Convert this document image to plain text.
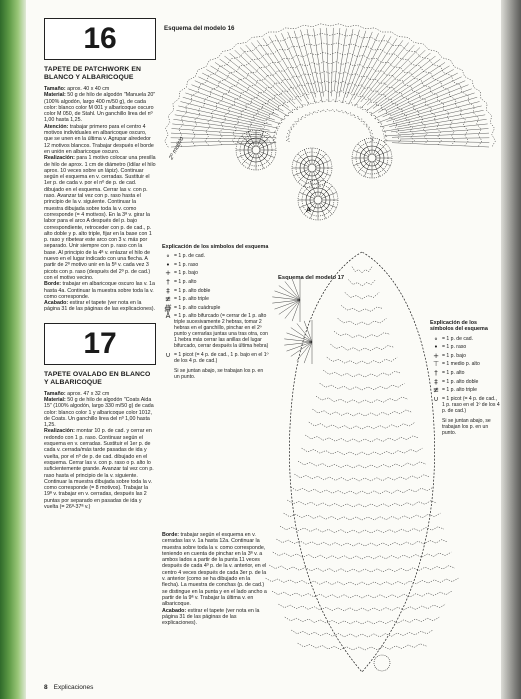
16
TAPETE DE PATCHWORK EN BLANCO Y ALBARICOQUE

Tamaño: aprox. 40 x 40 cm

Material: 50 g de hilo de algodón "Manuela 20" (100% algodón, largo 400 m/50 g), de cada color: blanco color M 001 y albaricoque oscuro color M 050, de Stahl. Un ganchillo lirea del nº 1,00 hasta 1,25.

Atención: trabajar primero para el centro 4 motivos individuales en albaricoque oscuro, que se unen en la última v. Agrupar alrededor 12 motivos blancos. Trabajar después el borde en unión en albaricoque oscuro.

Realización: para 1 motivo colocar una presilla de hilo de aprox. 1 cm de diámetro (ídilar el hilo aprox. 10 veces sobre un lápiz). Continuar según el esquema en v. cerradas. Sustituir el 1er p. de cada v. por el nº de p. de cad. dibujado en el esquema. Cerrar las v. con p. raso. Avanzar tal vez con p. raso hasta el principio de la v. siguiente. Continuar la muestra dibujada sobre toda la v. como corresponde (= 4 motivos). En la 3ª v. girar la labor para el arco A después del p. bajo correspondiente, retroceder con p. de cad., p. alto doble y p. alto triple, fijar en la base con 1 p. raso y ribetear este arco con 3 v. más por separado. Unir siempre con p. raso con la base. Al principio de la 4ª v. enlazar el hilo de nuevo en el lugar indicado con una flecha. A partir de 2º motivo unir en la 5ª v. cada vez 3 picots con p. raso (después del 2º p. de cad.) con el motivo vecino.

Borde: trabajar en albaricoque oscuro las v. 1a hasta 4a. Continuar la muestra sobre toda la v. como corresponde.

Acabado: estirar el tapete (ver nota en la página 31 de las páginas de las explicaciones).

17
TAPETE OVALADO EN BLANCO Y ALBARICOQUE

Tamaño: aprox. 47 x 32 cm

Material: 50 g de hilo de algodón "Coats Aida 15" (100% algodón, largo 330 m/50 g) de cada color: blanco color 1 y albaricoque color 1012, de Coats. Un ganchillo lirea del nº 1,00 hasta 1,25.

Realización: montar 10 p. de cad. y cerrar en redondo con 1 p. raso. Continuar según el esquema en v. cerradas. Sustituir el 1er p. de cada v. cerrada/más tarde pasadas de ida y vuelta, por el nº de p. de cad. dibujado en el esquema. Cerrar las v. con p. raso o p. alto lo suficientemente grande. Avanzar tal vez con p. raso hasta el principio de la v. siguiente. Continuar la muestra dibujada sobre toda la v. como corresponde (= 8 motivos). Trabajar la 19ª v. trabajar en v. cerradas, después las 2 puntas por separado en pasadas de ida y vuelta (= 26ª-37ª v.)

Esquema del modelo 16
Esquema del modelo 17
2º motivo
A
Explicación de los símbolos del esquema
∘ = 1 p. de cad.
• = 1 p. raso
+ = 1 p. bajo
† = 1 p. alto
‡ = 1 p. alto doble
≢ = 1 p. alto triple
∰ = 1 p. alto cuádruple
Å = 1 p. alto bifurcado (= cerrar de 1 p. alto triple sucesivamente 2 hebras, tomar 2 hebras en el ganchillo, pinchar en el 2º punto y cerrarlas juntas una tras otra, con 1 hebra más cerrar las anillas del lugar bifurcado, cerrar después la última hebra)
∪ = 1 picot (= 4 p. de cad., 1 p. bajo en el 1º de los 4 p. de cad.)
Si se juntan abajo, se trabajan los p. en un punto.
Explicación de los símbolos del esquema
∘ = 1 p. de cad.
• = 1 p. raso
+ = 1 p. bajo
⊤ = 1 medio p. alto
† = 1 p. alto
‡ = 1 p. alto doble
≢ = 1 p. alto triple
∪ = 1 picot (= 4 p. de cad., 1 p. raso en el 1º de los 4 p. de cad.)
Si se juntan abajo, se trabajan los p. en un punto.

Borde: trabajar según el esquema en v. cerradas las v. 1a hasta 12a. Continuar la muestra sobre toda la v. como corresponde, teniendo en cuenta de pinchar en la 3ª v. a ambos lados a partir de la punta 11 veces después de cada 4º p. de la v. anterior, en el centro 4 veces después de cada 3er p. de la v. anterior (como se ha dibujado en la flecha). La muestra de conchas (p. de cad.) se distingue en la punta y en el lado ancho a partir de la 9ª v. Trabajar la última v. en albaricoque.

Acabado: estirar el tapete (ver nota en la página 31 de las páginas de las explicaciones).

8 Explicaciones
